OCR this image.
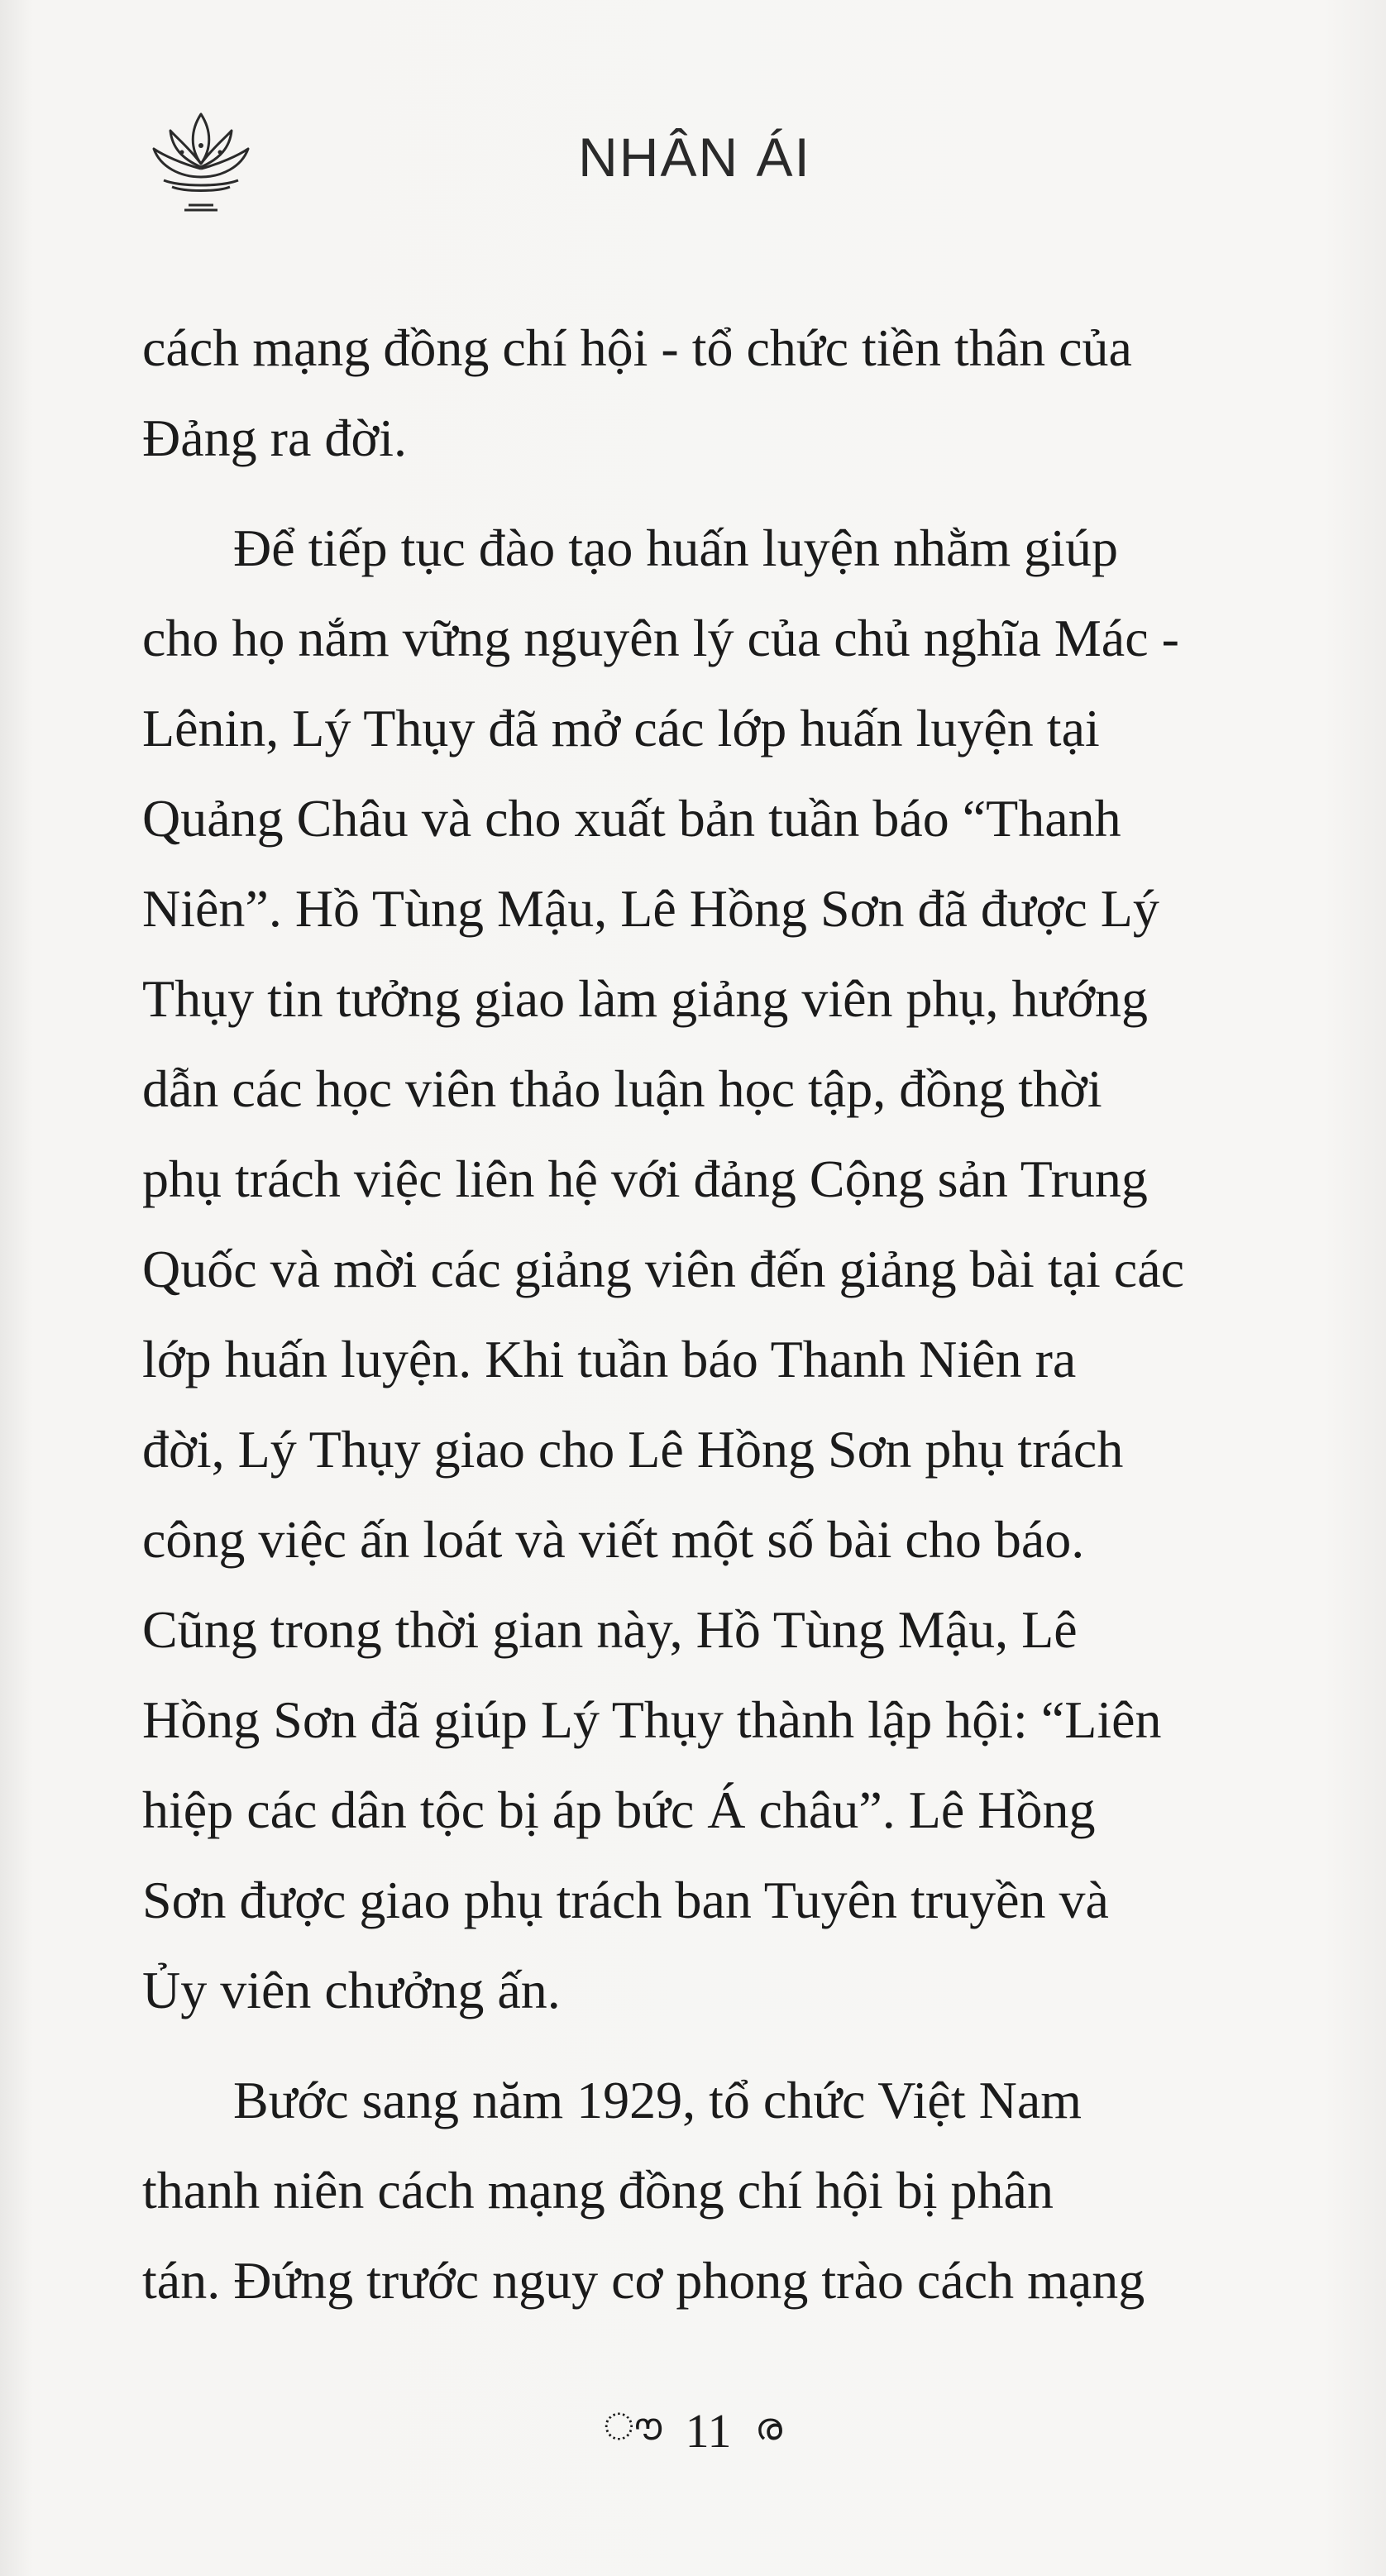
NHÂN ÁI

cách mạng đồng chí hội - tổ chức tiền thân của
Đảng ra đời.

Để tiếp tục đào tạo huấn luyện nhằm giúp
cho họ nắm vững nguyên lý của chủ nghĩa Mác -
Lênin, Lý Thụy đã mở các lớp huấn luyện tại
Quảng Châu và cho xuất bản tuần báo “Thanh
Niên”. Hồ Tùng Mậu, Lê Hồng Sơn đã được Lý
Thụy tin tưởng giao làm giảng viên phụ, hướng
dẫn các học viên thảo luận học tập, đồng thời
phụ trách việc liên hệ với đảng Cộng sản Trung
Quốc và mời các giảng viên đến giảng bài tại các
lớp huấn luyện. Khi tuần báo Thanh Niên ra
đời, Lý Thụy giao cho Lê Hồng Sơn phụ trách
công việc ấn loát và viết một số bài cho báo.
Cũng trong thời gian này, Hồ Tùng Mậu, Lê
Hồng Sơn đã giúp Lý Thụy thành lập hội: “Liên
hiệp các dân tộc bị áp bức Á châu”. Lê Hồng
Sơn được giao phụ trách ban Tuyên truyền và
Ủy viên chưởng ấn.

Bước sang năm 1929, tổ chức Việt Nam
thanh niên cách mạng đồng chí hội bị phân
tán. Đứng trước nguy cơ phong trào cách mạng

ൗ 11 ര
